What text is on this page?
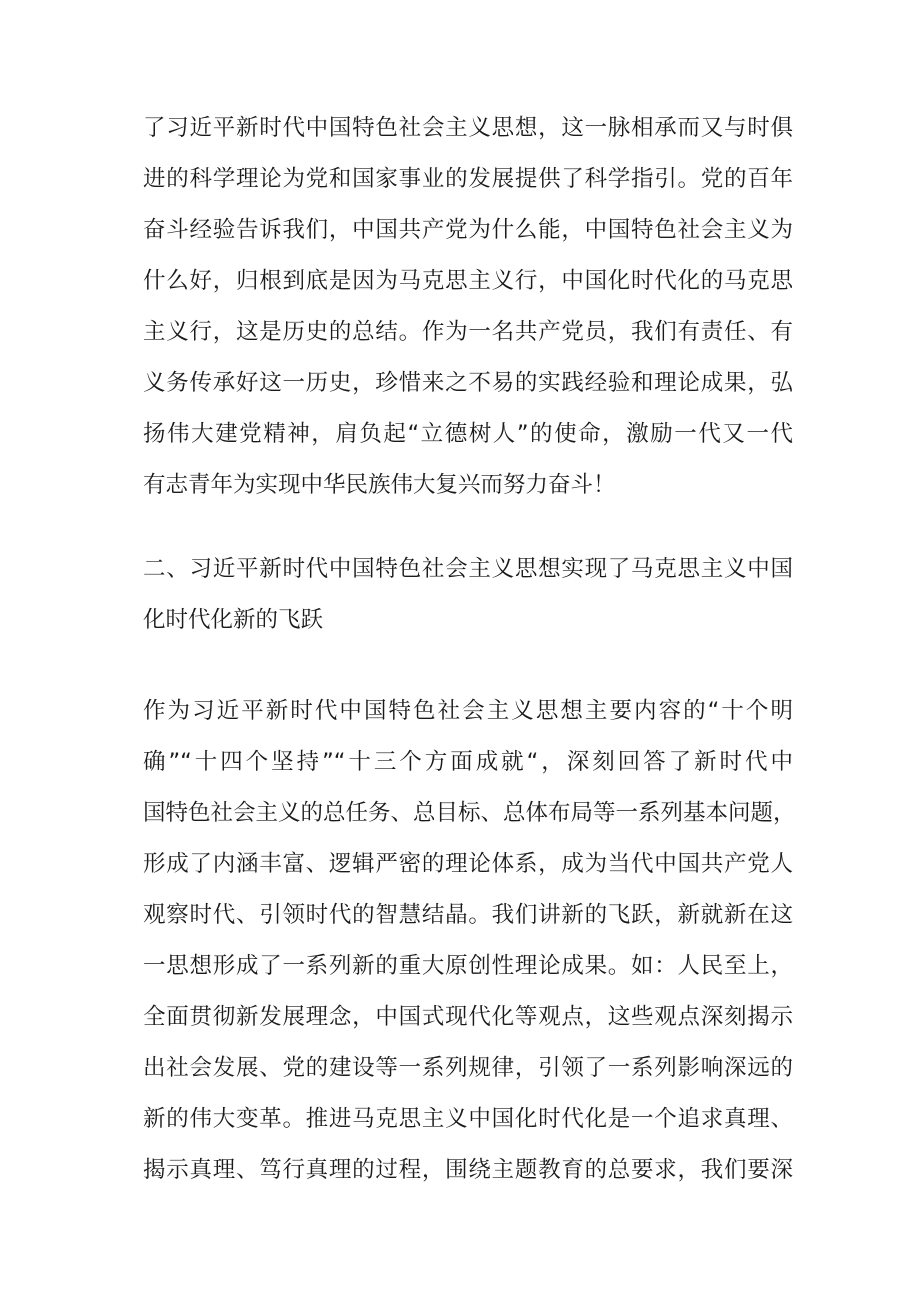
了习近平新时代中国特色社会主义思想，这一脉相承而又与时俱
进的科学理论为党和国家事业的发展提供了科学指引。党的百年
奋斗经验告诉我们，中国共产党为什么能，中国特色社会主义为
什么好，归根到底是因为马克思主义行，中国化时代化的马克思
主义行，这是历史的总结。作为一名共产党员，我们有责任、有
义务传承好这一历史，珍惜来之不易的实践经验和理论成果，弘
扬伟大建党精神，肩负起“立德树人”的使命，激励一代又一代
有志青年为实现中华民族伟大复兴而努力奋斗！
二、习近平新时代中国特色社会主义思想实现了马克思主义中国
化时代化新的飞跃
作为习近平新时代中国特色社会主义思想主要内容的“十个明
确”“十四个坚持”“十三个方面成就“，深刻回答了新时代中
国特色社会主义的总任务、总目标、总体布局等一系列基本问题，
形成了内涵丰富、逻辑严密的理论体系，成为当代中国共产党人
观察时代、引领时代的智慧结晶。我们讲新的飞跃，新就新在这
一思想形成了一系列新的重大原创性理论成果。如：人民至上，
全面贯彻新发展理念，中国式现代化等观点，这些观点深刻揭示
出社会发展、党的建设等一系列规律，引领了一系列影响深远的
新的伟大变革。推进马克思主义中国化时代化是一个追求真理、
揭示真理、笃行真理的过程，围绕主题教育的总要求，我们要深
